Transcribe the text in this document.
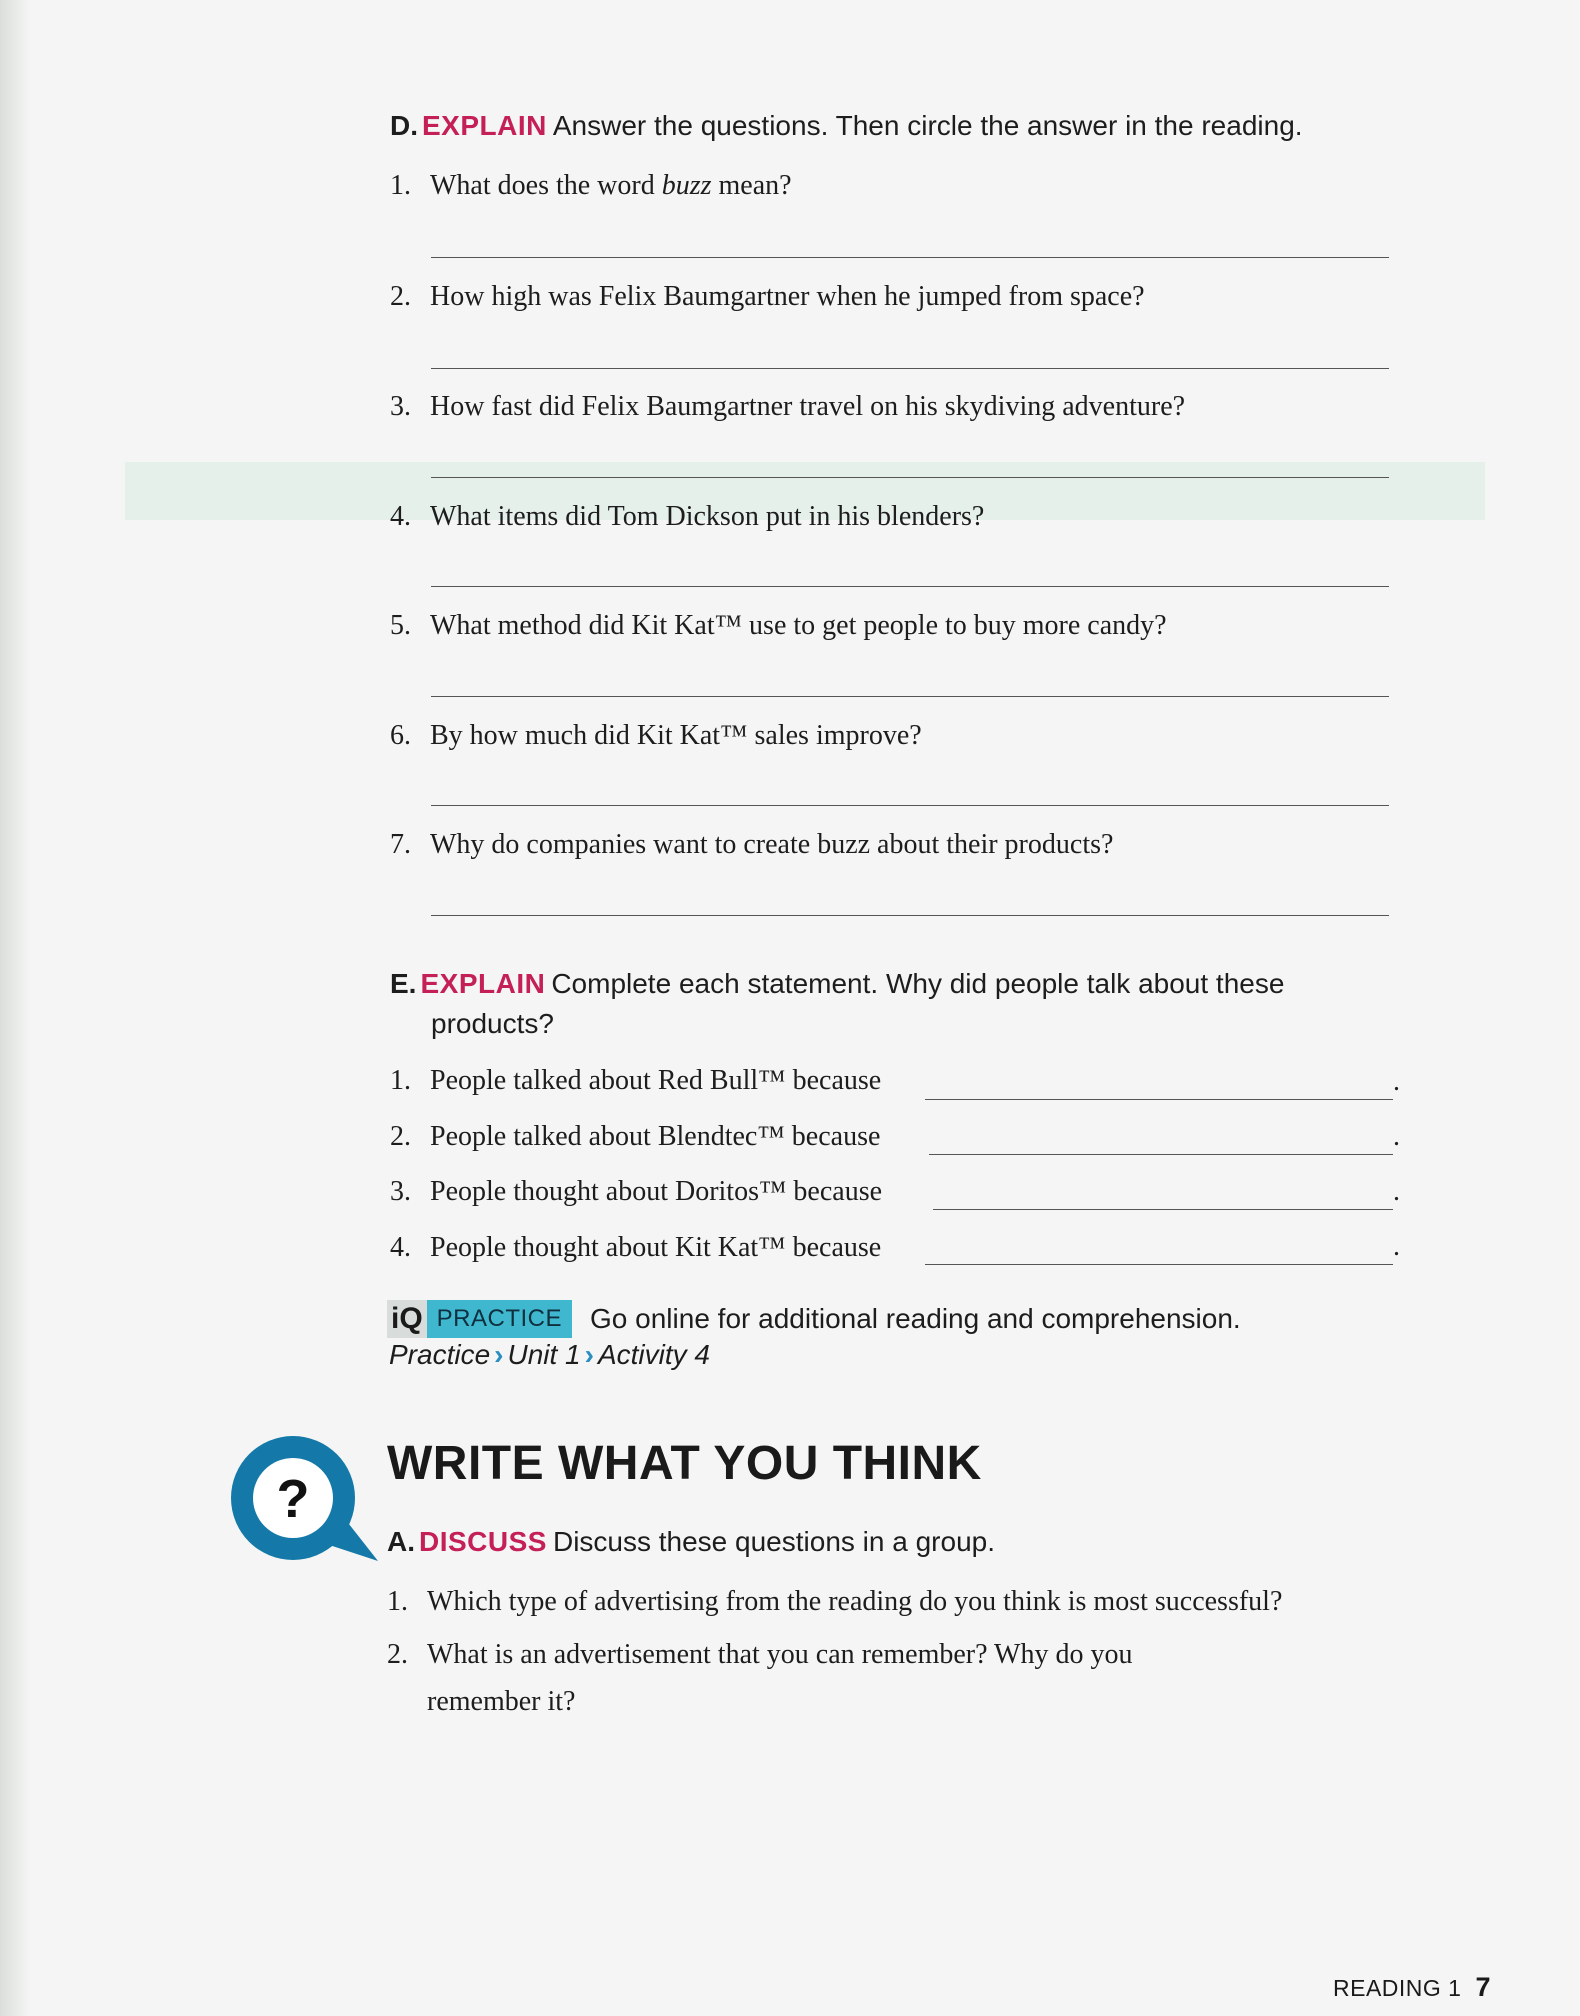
D. EXPLAIN Answer the questions. Then circle the answer in the reading.
1. What does the word buzz mean?
2. How high was Felix Baumgartner when he jumped from space?
3. How fast did Felix Baumgartner travel on his skydiving adventure?
4. What items did Tom Dickson put in his blenders?
5. What method did Kit Kat™ use to get people to buy more candy?
6. By how much did Kit Kat™ sales improve?
7. Why do companies want to create buzz about their products?
E. EXPLAIN Complete each statement. Why did people talk about these
products?
1. People talked about Red Bull™ because	.
2. People talked about Blendtec™ because	.
3. People thought about Doritos™ because	.
4. People thought about Kit Kat™ because	.
iQ PRACTICE	Go online for additional reading and comprehension.
Practice › Unit 1 › Activity 4
?
WRITE WHAT YOU THINK
A. DISCUSS Discuss these questions in a group.
1. Which type of advertising from the reading do you think is most successful?
2. What is an advertisement that you can remember? Why do you
remember it?
READING 1 7
